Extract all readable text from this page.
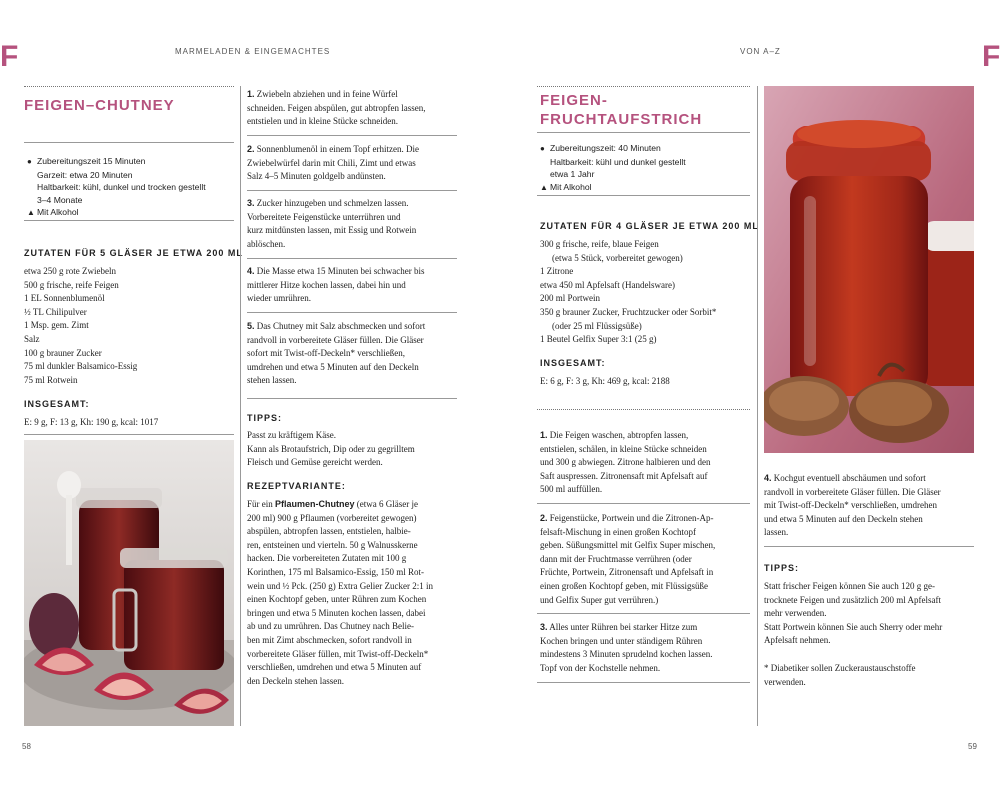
F	MARMELADEN & EINGEMACHTES
FEIGEN–CHUTNEY
● Zubereitungszeit 15 Minuten
Garzeit: etwa 20 Minuten
Haltbarkeit: kühl, dunkel und trocken gestellt
3–4 Monate
▲ Mit Alkohol
ZUTATEN FÜR 5 GLÄSER JE ETWA 200 ML
etwa 250 g rote Zwiebeln
500 g frische, reife Feigen
1 EL Sonnenblumenöl
½ TL Chilipulver
1 Msp. gem. Zimt
Salz
100 g brauner Zucker
75 ml dunkler Balsamico-Essig
75 ml Rotwein
INSGESAMT:
E: 9 g, F: 13 g, Kh: 190 g, kcal: 1017
1. Zwiebeln abziehen und in feine Würfel
schneiden. Feigen abspülen, gut abtropfen lassen,
entstielen und in kleine Stücke schneiden.
2. Sonnenblumenöl in einem Topf erhitzen. Die
Zwiebelwürfel darin mit Chili, Zimt und etwas
Salz 4–5 Minuten goldgelb andünsten.
3. Zucker hinzugeben und schmelzen lassen.
Vorbereitete Feigenstücke unterrühren und
kurz mitdünsten lassen, mit Essig und Rotwein
ablöschen.
4. Die Masse etwa 15 Minuten bei schwacher bis
mittlerer Hitze kochen lassen, dabei hin und
wieder umrühren.
5. Das Chutney mit Salz abschmecken und sofort
randvoll in vorbereitete Gläser füllen. Die Gläser
sofort mit Twist-off-Deckeln* verschließen,
umdrehen und etwa 5 Minuten auf den Deckeln
stehen lassen.
TIPPS:
Passt zu kräftigem Käse.
Kann als Brotaufstrich, Dip oder zu gegrilltem
Fleisch und Gemüse gereicht werden.
REZEPTVARIANTE:
Für ein Pflaumen-Chutney (etwa 6 Gläser je
200 ml) 900 g Pflaumen (vorbereitet gewogen)
abspülen, abtropfen lassen, entstielen, halbie-
ren, entsteinen und vierteln. 50 g Walnusskerne
hacken. Die vorbereiteten Zutaten mit 100 g
Korinthen, 175 ml Balsamico-Essig, 150 ml Rot-
wein und ½ Pck. (250 g) Extra Gelier Zucker 2:1 in
einen Kochtopf geben, unter Rühren zum Kochen
bringen und etwa 5 Minuten kochen lassen, dabei
ab und zu umrühren. Das Chutney nach Belie-
ben mit Zimt abschmecken, sofort randvoll in
vorbereitete Gläser füllen, mit Twist-off-Deckeln*
verschließen, umdrehen und etwa 5 Minuten auf
den Deckeln stehen lassen.
58
VON A–Z	F
FEIGEN-
FRUCHTAUFSTRICH
● Zubereitungszeit: 40 Minuten
Haltbarkeit: kühl und dunkel gestellt
etwa 1 Jahr
▲ Mit Alkohol
ZUTATEN FÜR 4 GLÄSER JE ETWA 200 ML
300 g frische, reife, blaue Feigen
(etwa 5 Stück, vorbereitet gewogen)
1 Zitrone
etwa 450 ml Apfelsaft (Handelsware)
200 ml Portwein
350 g brauner Zucker, Fruchtzucker oder Sorbit*
(oder 25 ml Flüssigsüße)
1 Beutel Gelfix Super 3:1 (25 g)
INSGESAMT:
E: 6 g, F: 3 g, Kh: 469 g, kcal: 2188
1. Die Feigen waschen, abtropfen lassen,
entstielen, schälen, in kleine Stücke schneiden
und 300 g abwiegen. Zitrone halbieren und den
Saft auspressen. Zitronensaft mit Apfelsaft auf
500 ml auffüllen.
2. Feigenstücke, Portwein und die Zitronen-Ap-
felsaft-Mischung in einen großen Kochtopf
geben. Süßungsmittel mit Gelfix Super mischen,
dann mit der Fruchtmasse verrühren (oder
Früchte, Portwein, Zitronensaft und Apfelsaft in
einen großen Kochtopf geben, mit Flüssigsüße
und Gelfix Super gut verrühren.)
3. Alles unter Rühren bei starker Hitze zum
Kochen bringen und unter ständigem Rühren
mindestens 3 Minuten sprudelnd kochen lassen.
Topf von der Kochstelle nehmen.
4. Kochgut eventuell abschäumen und sofort
randvoll in vorbereitete Gläser füllen. Die Gläser
mit Twist-off-Deckeln* verschließen, umdrehen
und etwa 5 Minuten auf den Deckeln stehen
lassen.
TIPPS:
Statt frischer Feigen können Sie auch 120 g ge-
trocknete Feigen und zusätzlich 200 ml Apfelsaft
mehr verwenden.
Statt Portwein können Sie auch Sherry oder mehr
Apfelsaft nehmen.
* Diabetiker sollen Zuckeraustauschstoffe
verwenden.
59
